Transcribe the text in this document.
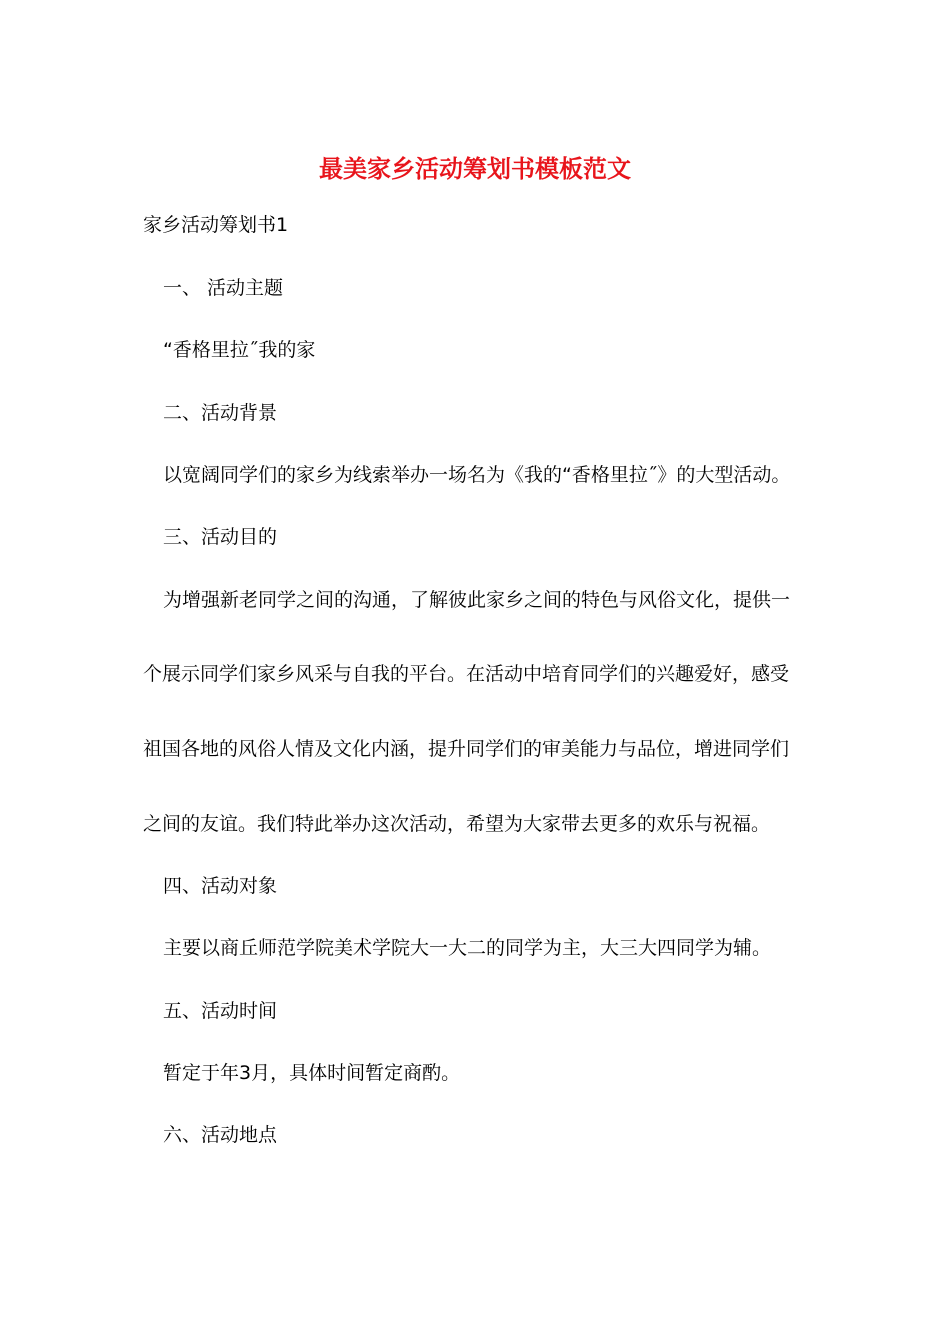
最美家乡活动筹划书模板范文
家乡活动筹划书1
一、 活动主题
“香格里拉˝我的家
二、活动背景
以宽阔同学们的家乡为线索举办一场名为《我的“香格里拉˝》的大型活动。
三、活动目的
为增强新老同学之间的沟通，了解彼此家乡之间的特色与风俗文化，提供一
个展示同学们家乡风采与自我的平台。在活动中培育同学们的兴趣爱好，感受
祖国各地的风俗人情及文化内涵，提升同学们的审美能力与品位，增进同学们
之间的友谊。我们特此举办这次活动，希望为大家带去更多的欢乐与祝福。
四、活动对象
主要以商丘师范学院美术学院大一大二的同学为主，大三大四同学为辅。
五、活动时间
暂定于年3月，具体时间暂定商酌。
六、活动地点
